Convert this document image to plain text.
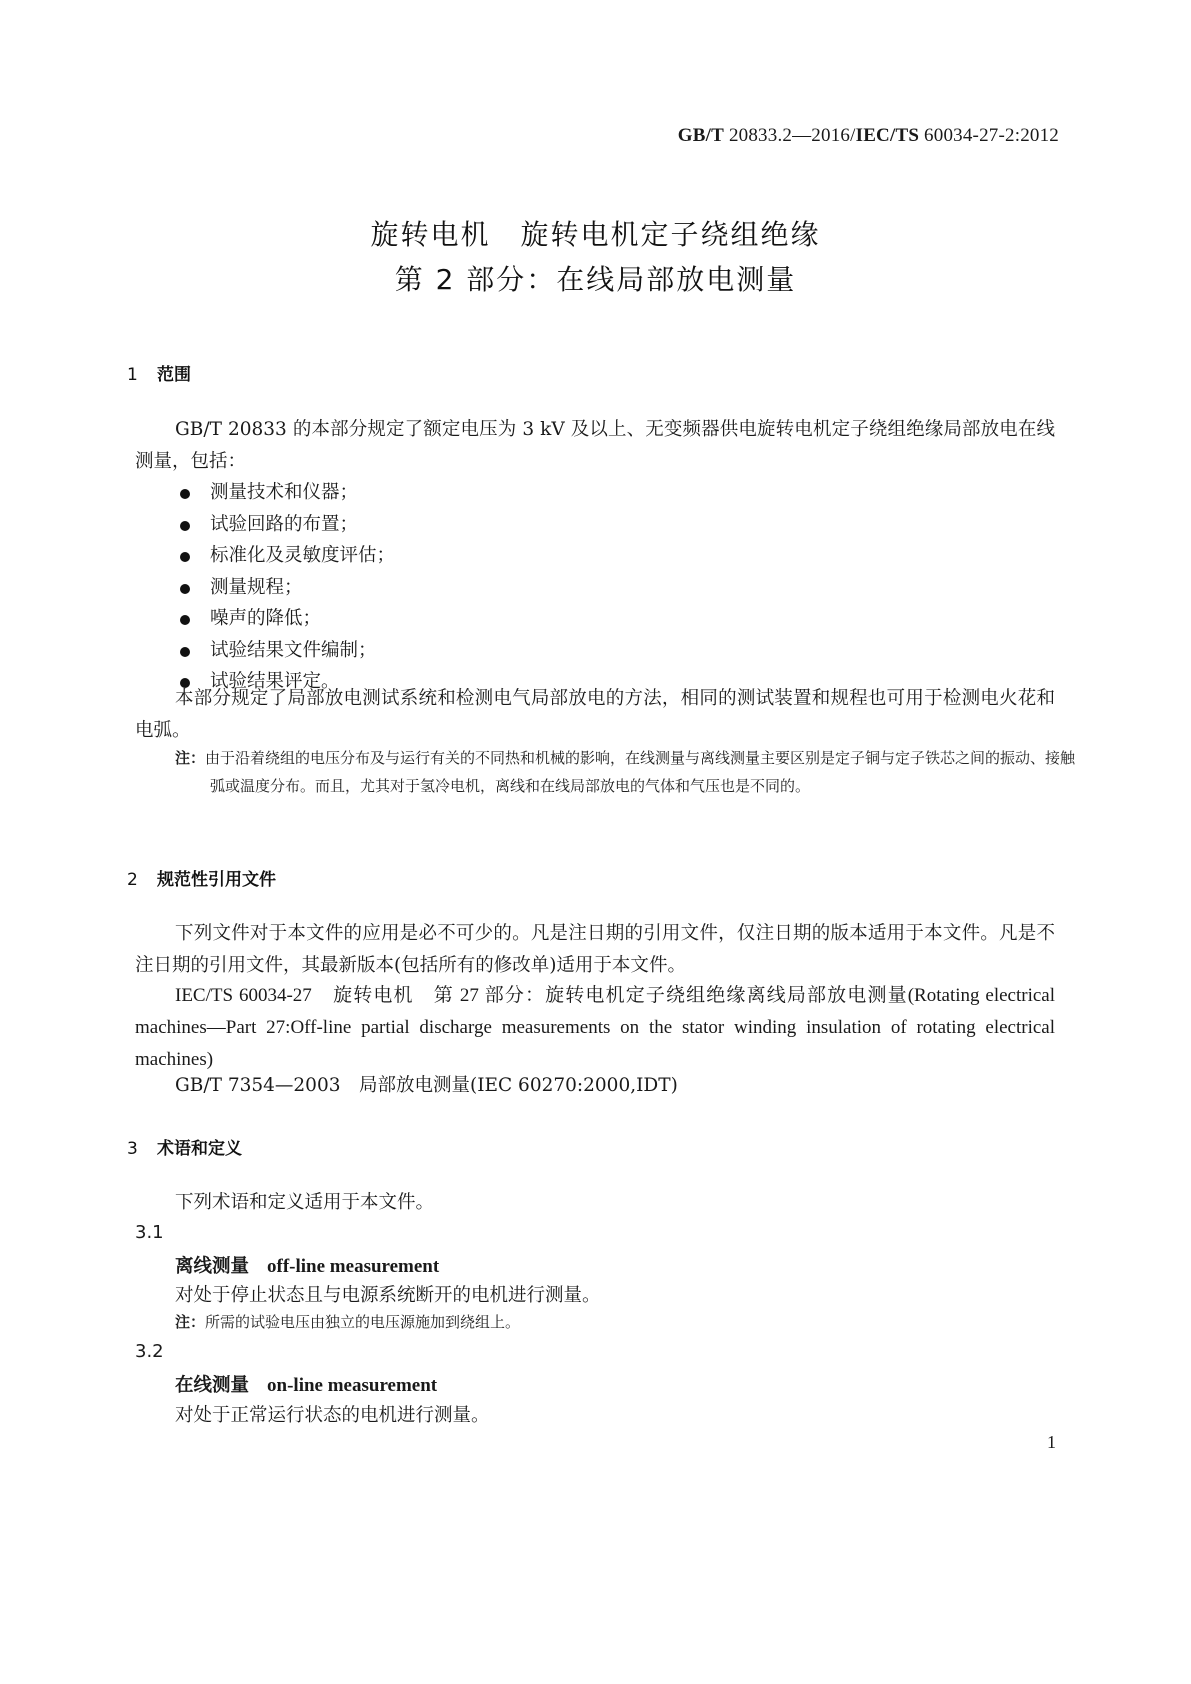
GB/T 20833.2—2016/IEC/TS 60034-27-2:2012
旋转电机　旋转电机定子绕组绝缘
第 2 部分：在线局部放电测量
1 范围

GB/T 20833 的本部分规定了额定电压为 3 kV 及以上、无变频器供电旋转电机定子绕组绝缘局部放电在线测量，包括：

测量技术和仪器；
试验回路的布置；
标准化及灵敏度评估；
测量规程；
噪声的降低；
试验结果文件编制；
试验结果评定。

本部分规定了局部放电测试系统和检测电气局部放电的方法，相同的测试装置和规程也可用于检测电火花和电弧。

注：由于沿着绕组的电压分布及与运行有关的不同热和机械的影响，在线测量与离线测量主要区别是定子铜与定子铁芯之间的振动、接触弧或温度分布。而且，尤其对于氢冷电机，离线和在线局部放电的气体和气压也是不同的。

2 规范性引用文件

下列文件对于本文件的应用是必不可少的。凡是注日期的引用文件，仅注日期的版本适用于本文件。凡是不注日期的引用文件，其最新版本(包括所有的修改单)适用于本文件。

IEC/TS 60034-27　旋转电机　第 27 部分：旋转电机定子绕组绝缘离线局部放电测量(Rotating electrical machines—Part 27:Off-line partial discharge measurements on the stator winding insulation of rotating electrical machines)

GB/T 7354—2003　局部放电测量(IEC 60270:2000,IDT)

3 术语和定义

下列术语和定义适用于本文件。

3.1
离线测量 off-line measurement
对处于停止状态且与电源系统断开的电机进行测量。

注：所需的试验电压由独立的电压源施加到绕组上。

3.2
在线测量 on-line measurement
对处于正常运行状态的电机进行测量。
1
